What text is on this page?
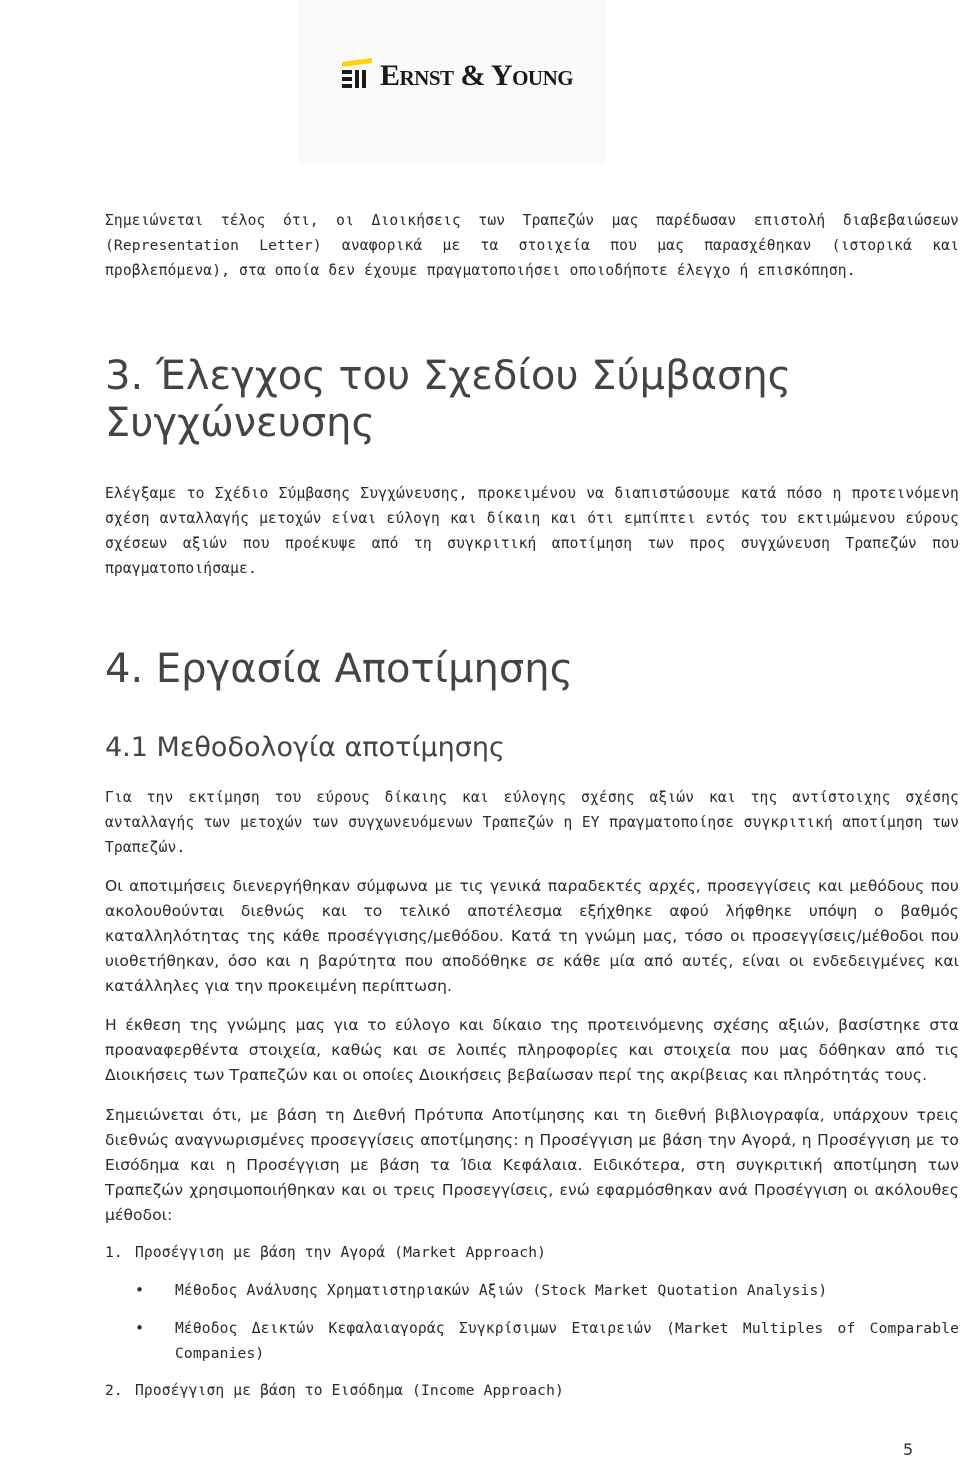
Ernst & Young

Σημειώνεται τέλος ότι, οι Διοικήσεις των Τραπεζών μας παρέδωσαν επιστολή διαβεβαιώσεων (Representation Letter) αναφορικά με τα στοιχεία που μας παρασχέθηκαν (ιστορικά και προβλεπόμενα), στα οποία δεν έχουμε πραγματοποιήσει οποιοδήποτε έλεγχο ή επισκόπηση.

3. Έλεγχος του Σχεδίου Σύμβασης Συγχώνευσης

Ελέγξαμε το Σχέδιο Σύμβασης Συγχώνευσης, προκειμένου να διαπιστώσουμε κατά πόσο η προτεινόμενη σχέση ανταλλαγής μετοχών είναι εύλογη και δίκαιη και ότι εμπίπτει εντός του εκτιμώμενου εύρους σχέσεων αξιών που προέκυψε από τη συγκριτική αποτίμηση των προς συγχώνευση Τραπεζών που πραγματοποιήσαμε.

4. Εργασία Αποτίμησης
4.1 Μεθοδολογία αποτίμησης

Για την εκτίμηση του εύρους δίκαιης και εύλογης σχέσης αξιών και της αντίστοιχης σχέσης ανταλλαγής των μετοχών των συγχωνευόμενων Τραπεζών η ΕΥ πραγματοποίησε συγκριτική αποτίμηση των Τραπεζών.

Οι αποτιμήσεις διενεργήθηκαν σύμφωνα με τις γενικά παραδεκτές αρχές, προσεγγίσεις και μεθόδους που ακολουθούνται διεθνώς και το τελικό αποτέλεσμα εξήχθηκε αφού λήφθηκε υπόψη ο βαθμός καταλληλότητας της κάθε προσέγγισης/μεθόδου. Κατά τη γνώμη μας, τόσο οι προσεγγίσεις/μέθοδοι που υιοθετήθηκαν, όσο και η βαρύτητα που αποδόθηκε σε κάθε μία από αυτές, είναι οι ενδεδειγμένες και κατάλληλες για την προκειμένη περίπτωση.

Η έκθεση της γνώμης μας για το εύλογο και δίκαιο της προτεινόμενης σχέσης αξιών, βασίστηκε στα προαναφερθέντα στοιχεία, καθώς και σε λοιπές πληροφορίες και στοιχεία που μας δόθηκαν από τις Διοικήσεις των Τραπεζών και οι οποίες Διοικήσεις βεβαίωσαν περί της ακρίβειας και πληρότητάς τους.

Σημειώνεται ότι, με βάση τη Διεθνή Πρότυπα Αποτίμησης και τη διεθνή βιβλιογραφία, υπάρχουν τρεις διεθνώς αναγνωρισμένες προσεγγίσεις αποτίμησης: η Προσέγγιση με βάση την Αγορά, η Προσέγγιση με το Εισόδημα και η Προσέγγιση με βάση τα Ίδια Κεφάλαια. Ειδικότερα, στη συγκριτική αποτίμηση των Τραπεζών χρησιμοποιήθηκαν και οι τρεις Προσεγγίσεις, ενώ εφαρμόσθηκαν ανά Προσέγγιση οι ακόλουθες μέθοδοι:

1. Προσέγγιση με βάση την Αγορά (Market Approach)
•	Μέθοδος Ανάλυσης Χρηματιστηριακών Αξιών (Stock Market Quotation Analysis)
•	Μέθοδος Δεικτών Κεφαλαιαγοράς Συγκρίσιμων Εταιρειών (Market Multiples of Comparable Companies)
2. Προσέγγιση με βάση το Εισόδημα (Income Approach)
5
